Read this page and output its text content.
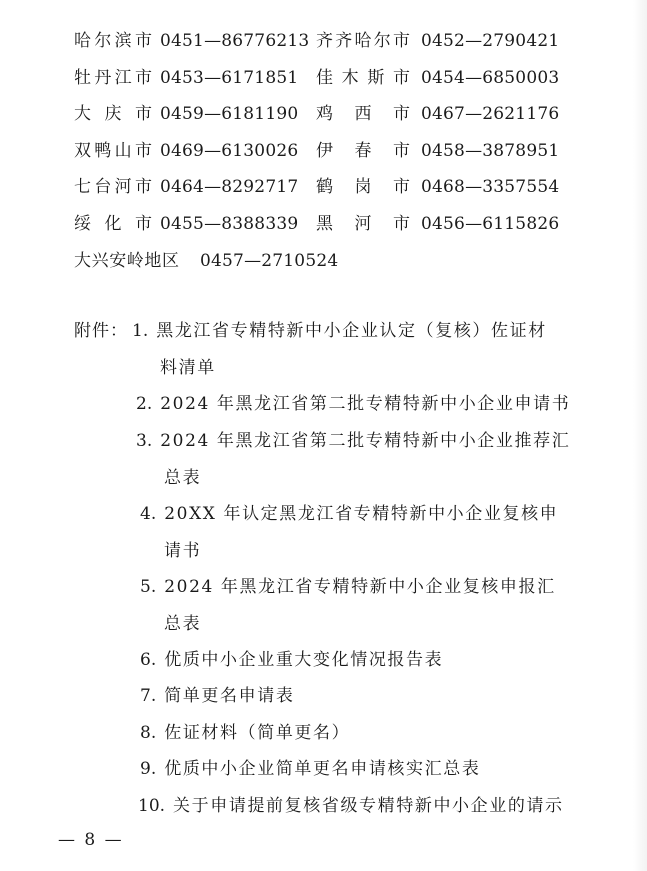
哈 尔 滨 市 0451—86776213 齐 齐 哈 尔 市 0452—2790421
牡 丹 江 市 0453—6171851 佳 木 斯 市 0454—6850003
大 庆 市 0459—6181190 鸡 西 市 0467—2621176
双 鸭 山 市 0469—6130026 伊 春 市 0458—3878951
七 台 河 市 0464—8292717 鹤 岗 市 0468—3357554
绥 化 市 0455—8388339 黑 河 市 0456—6115826
大兴安岭地区 0457—2710524
附件： 1. 黑龙江省专精特新中小企业认定（复核）佐证材
料清单
2. 2024 年黑龙江省第二批专精特新中小企业申请书
3. 2024 年黑龙江省第二批专精特新中小企业推荐汇
总表
4. 20XX 年认定黑龙江省专精特新中小企业复核申
请书
5. 2024 年黑龙江省专精特新中小企业复核申报汇
总表
6. 优质中小企业重大变化情况报告表
7. 简单更名申请表
8. 佐证材料（简单更名）
9. 优质中小企业简单更名申请核实汇总表
10. 关于申请提前复核省级专精特新中小企业的请示
— 8 —
